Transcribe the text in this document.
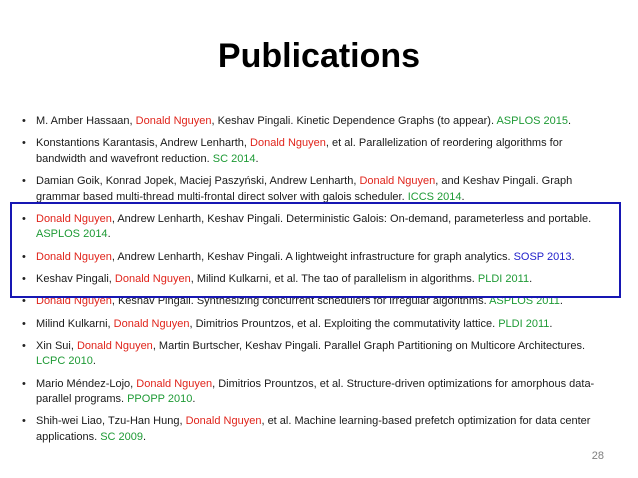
Publications
• M. Amber Hassaan, Donald Nguyen, Keshav Pingali. Kinetic Dependence Graphs (to appear). ASPLOS 2015.
• Konstantions Karantasis, Andrew Lenharth, Donald Nguyen, et al. Parallelization of reordering algorithms for bandwidth and wavefront reduction. SC 2014.
• Damian Goik, Konrad Jopek, Maciej Paszyński, Andrew Lenharth, Donald Nguyen, and Keshav Pingali. Graph grammar based multi-thread multi-frontal direct solver with galois scheduler. ICCS 2014.
• Donald Nguyen, Andrew Lenharth, Keshav Pingali. Deterministic Galois: On-demand, parameterless and portable. ASPLOS 2014.
• Donald Nguyen, Andrew Lenharth, Keshav Pingali. A lightweight infrastructure for graph analytics. SOSP 2013.
• Keshav Pingali, Donald Nguyen, Milind Kulkarni, et al. The tao of parallelism in algorithms. PLDI 2011.
• Donald Nguyen, Keshav Pingali. Synthesizing concurrent schedulers for irregular algorithms. ASPLOS 2011.
• Milind Kulkarni, Donald Nguyen, Dimitrios Prountzos, et al. Exploiting the commutativity lattice. PLDI 2011.
• Xin Sui, Donald Nguyen, Martin Burtscher, Keshav Pingali. Parallel Graph Partitioning on Multicore Architectures. LCPC 2010.
• Mario Méndez-Lojo, Donald Nguyen, Dimitrios Prountzos, et al. Structure-driven optimizations for amorphous data-parallel programs. PPOPP 2010.
• Shih-wei Liao, Tzu-Han Hung, Donald Nguyen, et al. Machine learning-based prefetch optimization for data center applications. SC 2009.
28
